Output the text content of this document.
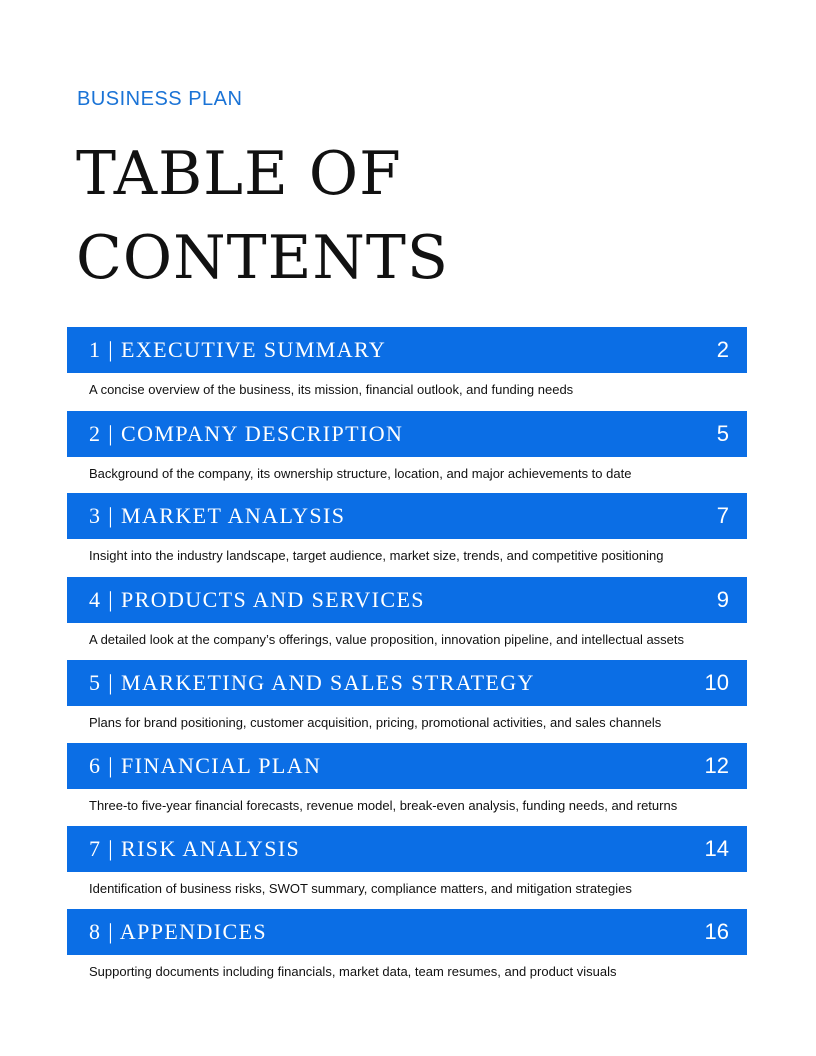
BUSINESS PLAN
TABLE OF
CONTENTS
1 | EXECUTIVE SUMMARY	2
A concise overview of the business, its mission, financial outlook, and funding needs
2 | COMPANY DESCRIPTION	5
Background of the company, its ownership structure, location, and major achievements to date
3 | MARKET ANALYSIS	7
Insight into the industry landscape, target audience, market size, trends, and competitive positioning
4 | PRODUCTS AND SERVICES	9
A detailed look at the company’s offerings, value proposition, innovation pipeline, and intellectual assets
5 | MARKETING AND SALES STRATEGY	10
Plans for brand positioning, customer acquisition, pricing, promotional activities, and sales channels
6 | FINANCIAL PLAN	12
Three-to five-year financial forecasts, revenue model, break-even analysis, funding needs, and returns
7 | RISK ANALYSIS	14
Identification of business risks, SWOT summary, compliance matters, and mitigation strategies
8 | APPENDICES	16
Supporting documents including financials, market data, team resumes, and product visuals
